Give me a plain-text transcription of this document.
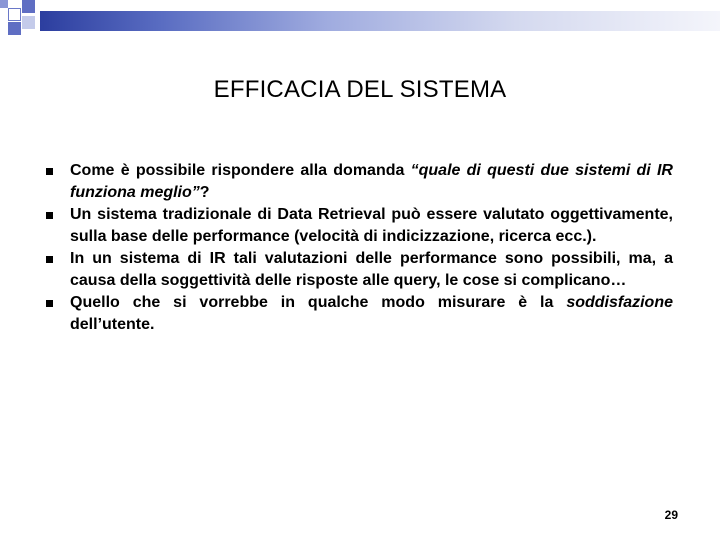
EFFICACIA DEL SISTEMA
Come è possibile rispondere alla domanda “quale di questi due sistemi di IR funziona meglio”?
Un sistema tradizionale di Data Retrieval può essere valutato oggettivamente, sulla base delle performance (velocità di indicizzazione, ricerca ecc.).
In un sistema di IR tali valutazioni delle performance sono possibili, ma, a causa della soggettività delle risposte alle query, le cose si complicano…
Quello che si vorrebbe in qualche modo misurare è la soddisfazione dell’utente.
29
